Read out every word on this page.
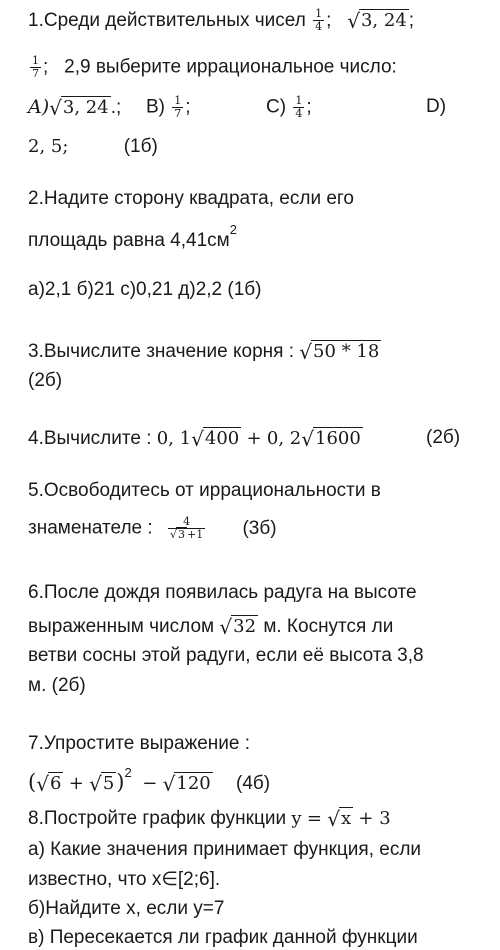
1.Среди действительных чисел $\frac{1}{4}$ ; √3, 24 ;
$\frac{1}{7}$ ; 2,9 выберите иррациональное число:
A)√3, 24 .; $B) \frac{1}{7}$ ;	$C) \frac{1}{4}$ ;	D)
2, 5;	(1б)
2.Надите сторону квадрата, если его
площадь равна $4,41см^2$
а)2,1 б)21 с)0,21 д)2,2 (1б)
3.Вычислите значение корня : √50 * 18
(2б)
4.Вычислите : 0, 1√400 + 0, 2√1600	(2б)
5.Освободитесь от иррациональности в
знаменателе : $\frac{4}{√3 +1} (3б)$
6.После дождя появилась радуга на высоте
выраженным числом √32 м. Коснутся ли
ветви сосны этой радуги, если её высота 3,8
м. (2б)
7.Упростите выражение :
$(√6 + √5)^2 - √120$ (4б)
8.Постройте график функции y = √x + 3
а) Какие значения принимает функция, если
известно, что x∈[2;6].
б)Найдите x, если y=7
в) Пересекается ли график данной функции
